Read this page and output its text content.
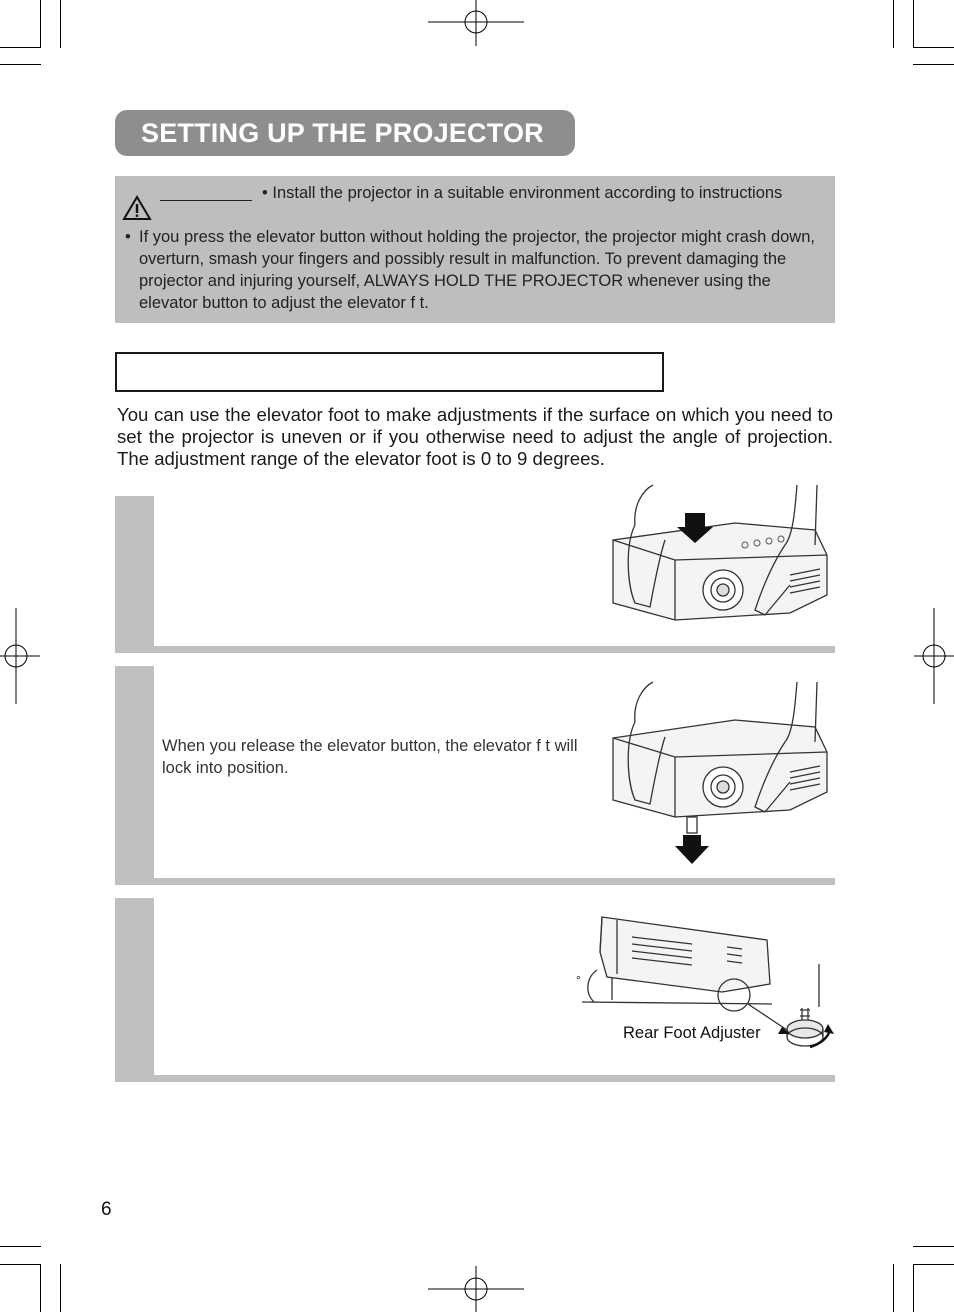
SETTING UP THE PROJECTOR
• Install the projector in a suitable environment according to instructions
• If you press the elevator button without holding the projector, the projector might crash down, overturn, smash your fingers and possibly result in malfunction. To prevent damaging the projector and injuring yourself, ALWAYS HOLD THE PROJECTOR whenever using the elevator button to adjust the elevator f t.
You can use the elevator foot to make adjustments if the surface on which you need to set the projector is uneven or if you otherwise need to adjust the angle of projection. The adjustment range of the elevator foot is 0 to 9 degrees.
When you release the elevator button, the elevator f t will lock into position.
°
Rear Foot Adjuster
6
